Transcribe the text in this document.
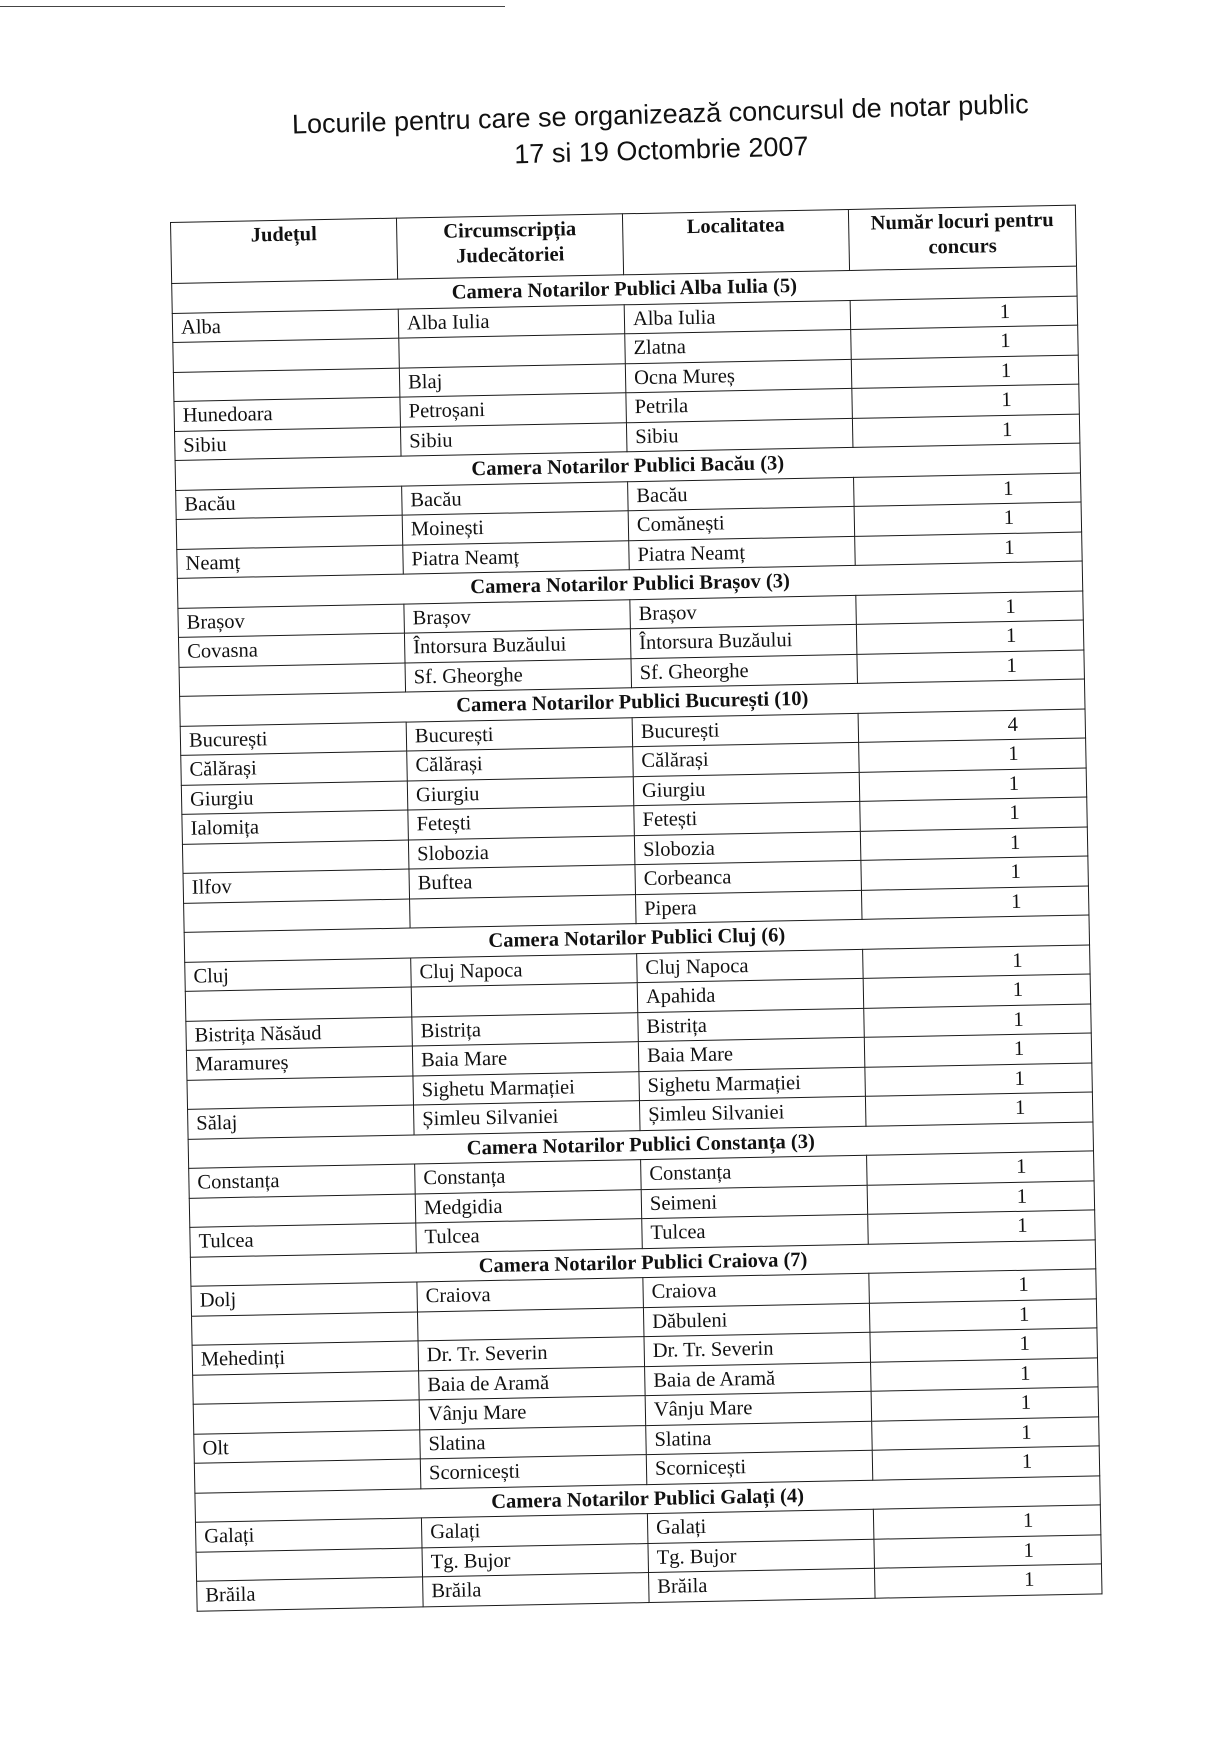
Locurile pentru care se organizează concursul de notar public
17 si 19 Octombrie 2007
Județul	Circumscripția Judecătoriei	Localitatea	Număr locuri pentru concurs
Camera Notarilor Publici Alba Iulia (5)			
Alba	Alba Iulia	Alba Iulia	1
		Zlatna	1
	Blaj	Ocna Mureș	1
Hunedoara	Petroșani	Petrila	1
Sibiu	Sibiu	Sibiu	1
Camera Notarilor Publici Bacău (3)			
Bacău	Bacău	Bacău	1
	Moinești	Comănești	1
Neamț	Piatra Neamț	Piatra Neamț	1
Camera Notarilor Publici Brașov (3)			
Brașov	Brașov	Brașov	1
Covasna	Întorsura Buzăului	Întorsura Buzăului	1
	Sf. Gheorghe	Sf. Gheorghe	1
Camera Notarilor Publici București (10)			
București	București	București	4
Călărași	Călărași	Călărași	1
Giurgiu	Giurgiu	Giurgiu	1
Ialomița	Fetești	Fetești	1
	Slobozia	Slobozia	1
Ilfov	Buftea	Corbeanca	1
		Pipera	1
Camera Notarilor Publici Cluj (6)			
Cluj	Cluj Napoca	Cluj Napoca	1
		Apahida	1
Bistrița Năsăud	Bistrița	Bistrița	1
Maramureș	Baia Mare	Baia Mare	1
	Sighetu Marmației	Sighetu Marmației	1
Sălaj	Șimleu Silvaniei	Șimleu Silvaniei	1
Camera Notarilor Publici Constanța (3)			
Constanța	Constanța	Constanța	1
	Medgidia	Seimeni	1
Tulcea	Tulcea	Tulcea	1
Camera Notarilor Publici Craiova (7)			
Dolj	Craiova	Craiova	1
		Dăbuleni	1
Mehedinți	Dr. Tr. Severin	Dr. Tr. Severin	1
	Baia de Aramă	Baia de Aramă	1
	Vânju Mare	Vânju Mare	1
Olt	Slatina	Slatina	1
	Scornicești	Scornicești	1
Camera Notarilor Publici Galați (4)			
Galați	Galați	Galați	1
	Tg. Bujor	Tg. Bujor	1
Brăila	Brăila	Brăila	1
